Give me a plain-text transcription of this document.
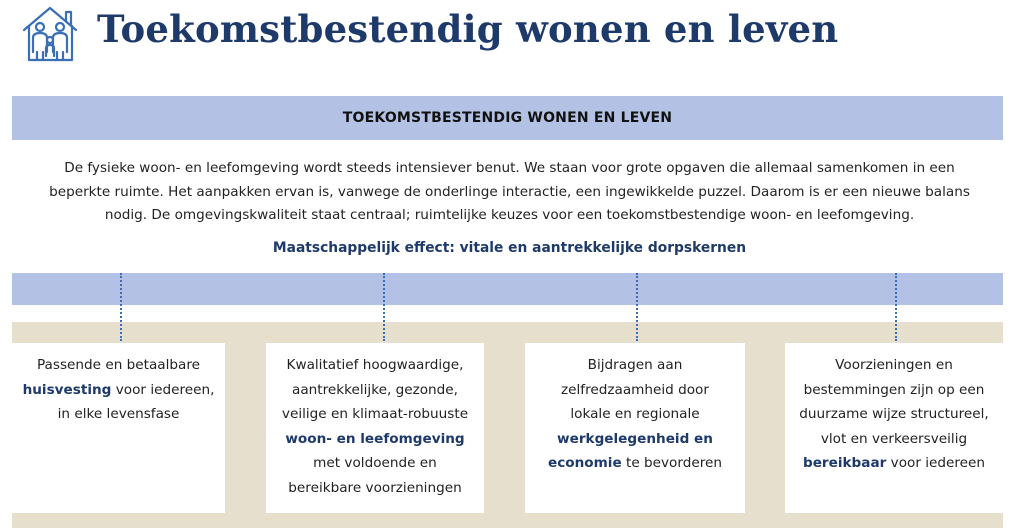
Toekomstbestendig wonen en leven
TOEKOMSTBESTENDIG WONEN EN LEVEN

De fysieke woon- en leefomgeving wordt steeds intensiever benut. We staan voor grote opgaven die allemaal samenkomen in een
beperkte ruimte. Het aanpakken ervan is, vanwege de onderlinge interactie, een ingewikkelde puzzel. Daarom is er een nieuwe balans
nodig. De omgevingskwaliteit staat centraal; ruimtelijke keuzes voor een toekomstbestendige woon- en leefomgeving.

Maatschappelijk effect: vitale en aantrekkelijke dorpskernen

Passende en betaalbare
huisvesting voor iedereen,
in elke levensfase

Kwalitatief hoogwaardige,
aantrekkelijke, gezonde,
veilige en klimaat-robuuste
woon- en leefomgeving
met voldoende en
bereikbare voorzieningen

Bijdragen aan
zelfredzaamheid door
lokale en regionale
werkgelegenheid en
economie te bevorderen

Voorzieningen en
bestemmingen zijn op een
duurzame wijze structureel,
vlot en verkeersveilig
bereikbaar voor iedereen
